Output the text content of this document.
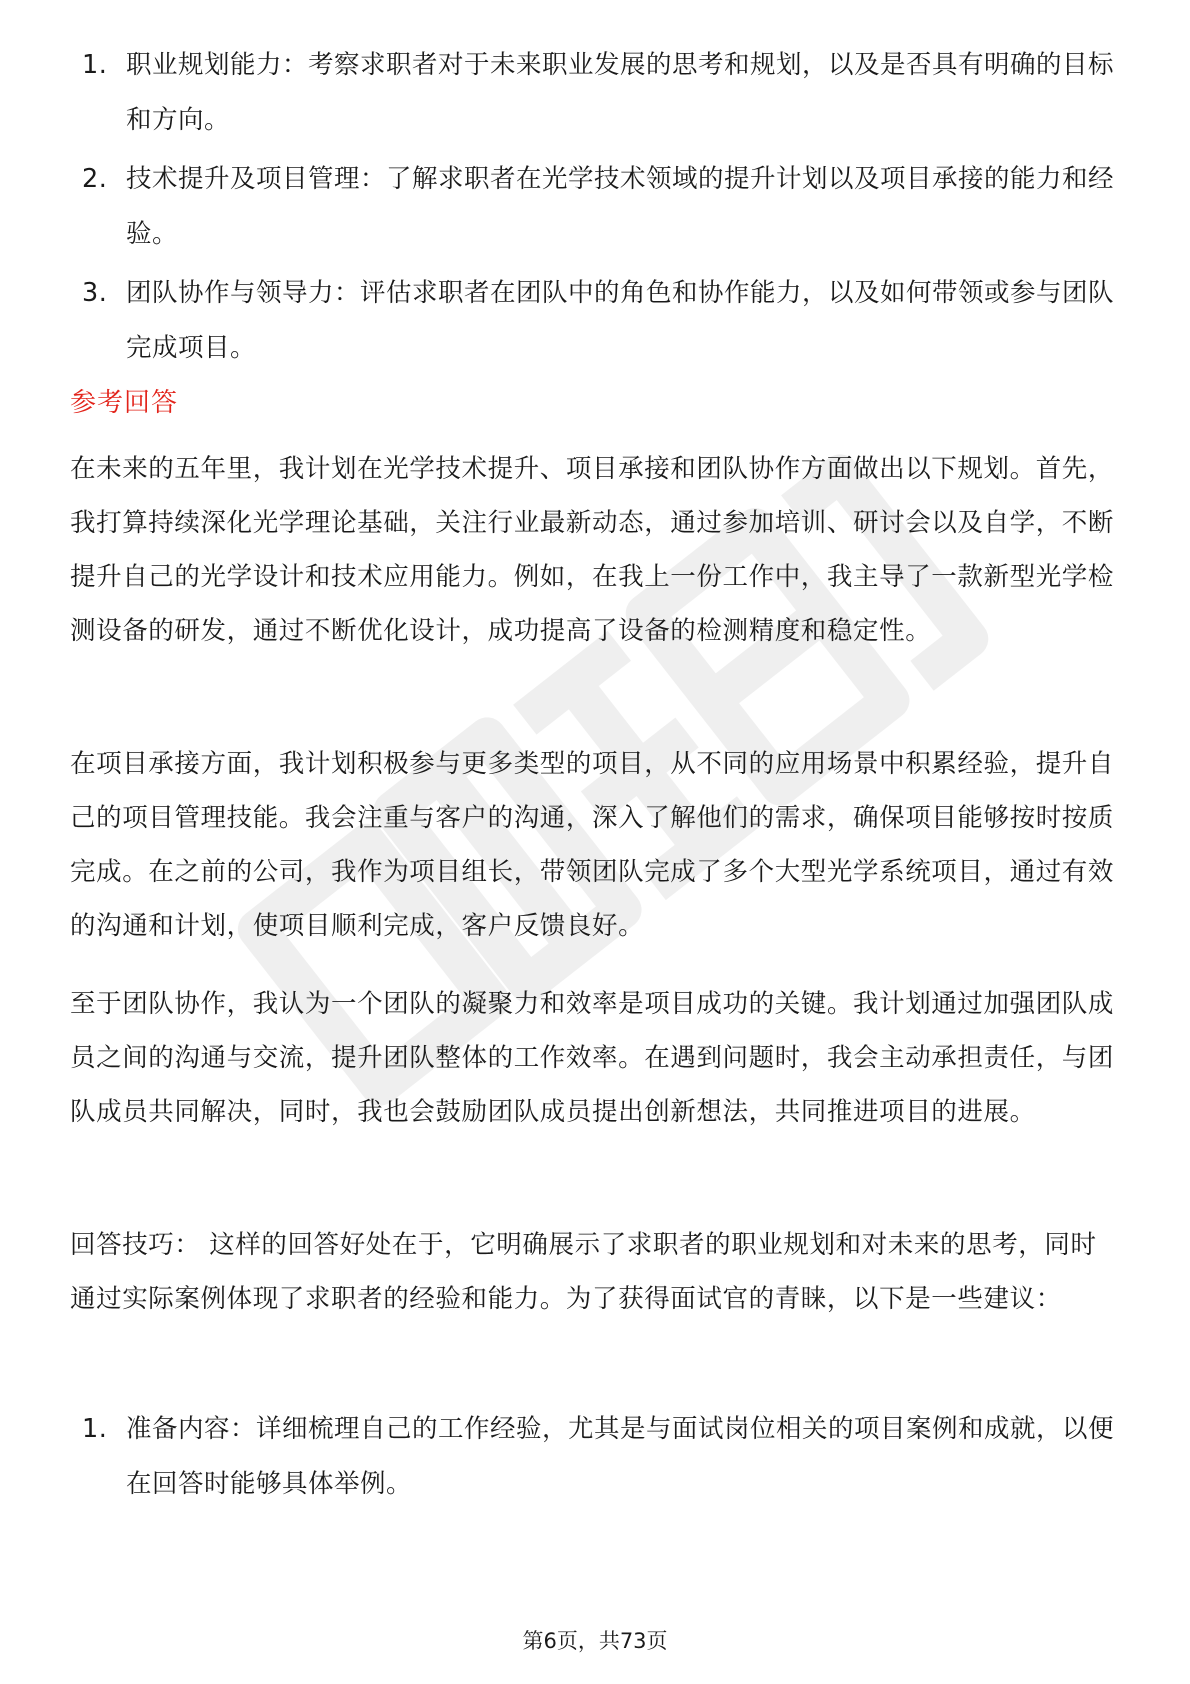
1. 职业规划能力：考察求职者对于未来职业发展的思考和规划，以及是否具有明确的目标和方向。
2. 技术提升及项目管理：了解求职者在光学技术领域的提升计划以及项目承接的能力和经验。
3. 团队协作与领导力：评估求职者在团队中的角色和协作能力，以及如何带领或参与团队完成项目。
参考回答

在未来的五年里，我计划在光学技术提升、项目承接和团队协作方面做出以下规划。首先，我打算持续深化光学理论基础，关注行业最新动态，通过参加培训、研讨会以及自学，不断提升自己的光学设计和技术应用能力。例如，在我上一份工作中，我主导了一款新型光学检测设备的研发，通过不断优化设计，成功提高了设备的检测精度和稳定性。

在项目承接方面，我计划积极参与更多类型的项目，从不同的应用场景中积累经验，提升自己的项目管理技能。我会注重与客户的沟通，深入了解他们的需求，确保项目能够按时按质完成。在之前的公司，我作为项目组长，带领团队完成了多个大型光学系统项目，通过有效的沟通和计划，使项目顺利完成，客户反馈良好。

至于团队协作，我认为一个团队的凝聚力和效率是项目成功的关键。我计划通过加强团队成员之间的沟通与交流，提升团队整体的工作效率。在遇到问题时，我会主动承担责任，与团队成员共同解决，同时，我也会鼓励团队成员提出创新想法，共同推进项目的进展。

回答技巧： 这样的回答好处在于，它明确展示了求职者的职业规划和对未来的思考，同时通过实际案例体现了求职者的经验和能力。为了获得面试官的青睐，以下是一些建议：

1. 准备内容：详细梳理自己的工作经验，尤其是与面试岗位相关的项目案例和成就，以便在回答时能够具体举例。
第6页，共73页
